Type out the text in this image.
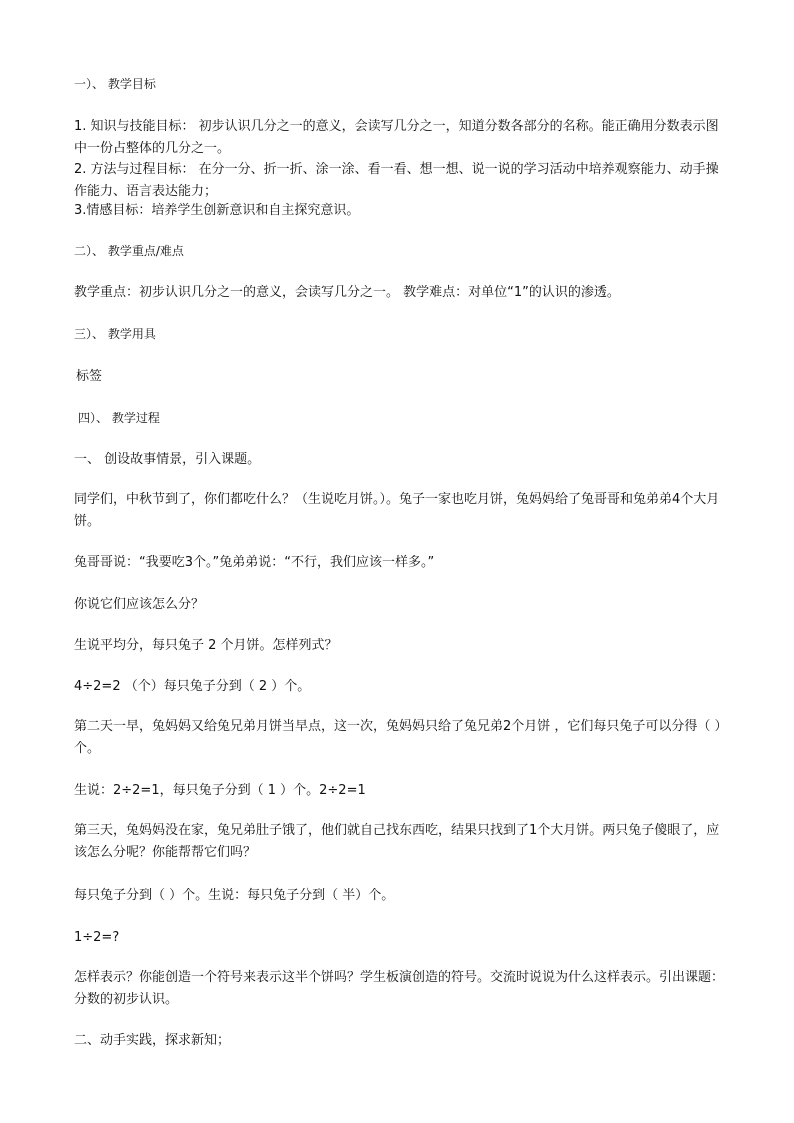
一）、 教学目标
1. 知识与技能目标： 初步认识几分之一的意义，会读写几分之一，知道分数各部分的名称。能正确用分数表示图中一份占整体的几分之一。
2. 方法与过程目标： 在分一分、折一折、涂一涂、看一看、想一想、说一说的学习活动中培养观察能力、动手操作能力、语言表达能力；
3.情感目标：培养学生创新意识和自主探究意识。
二）、 教学重点/难点
教学重点：初步认识几分之一的意义，会读写几分之一。 教学难点：对单位“1”的认识的渗透。
三）、 教学用具
标签
四）、 教学过程
一、 创设故事情景，引入课题。
同学们，中秋节到了，你们都吃什么？（生说吃月饼。）。兔子一家也吃月饼，兔妈妈给了兔哥哥和兔弟弟4个大月饼。
兔哥哥说：“我要吃3个。”兔弟弟说：“不行，我们应该一样多。”
你说它们应该怎么分？
生说平均分，每只兔子 2 个月饼。怎样列式？
4÷2=2 （个）每只兔子分到（ 2 ）个。
第二天一早，兔妈妈又给兔兄弟月饼当早点，这一次，兔妈妈只给了兔兄弟2个月饼 ，它们每只兔子可以分得（ ）个。
生说：2÷2=1，每只兔子分到（ 1 ）个。2÷2=1
第三天，兔妈妈没在家，兔兄弟肚子饿了，他们就自己找东西吃，结果只找到了1个大月饼。两只兔子傻眼了，应该怎么分呢？你能帮帮它们吗？
每只兔子分到（ ）个。生说：每只兔子分到（ 半）个。
1÷2=?
怎样表示？你能创造一个符号来表示这半个饼吗？学生板演创造的符号。交流时说说为什么这样表示。引出课题：分数的初步认识。
二、动手实践，探求新知；
